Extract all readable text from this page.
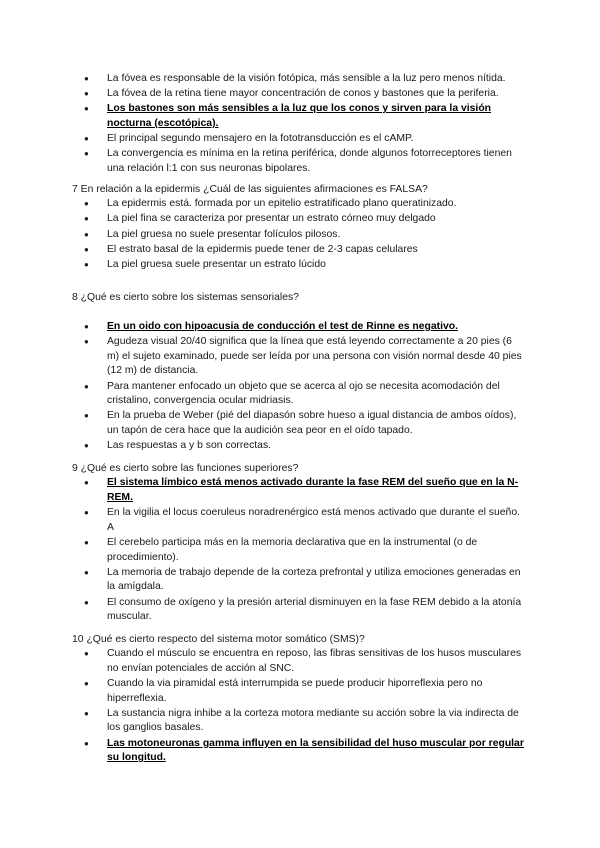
● La fóvea es responsable de la visión fotópica, más sensible a la luz pero menos nítida.
● La fóvea de la retina tiene mayor concentración de conos y bastones que la periferia.
● Los bastones son más sensibles a la luz que los conos y sirven para la visión nocturna (escotópica).
● El principal segundo mensajero en la fototransducción es el cAMP.
● La convergencia es mínima en la retina periférica, donde algunos fotorreceptores tienen una relación l:1 con sus neuronas bipolares.

7 En relación a la epidermis ¿Cuál de las siguientes afirmaciones es FALSA?

● La epidermis está. formada por un epitelio estratificado plano queratinizado.
● La piel fina se caracteriza por presentar un estrato córneo muy delgado
● La piel gruesa no suele presentar folículos pilosos.
● El estrato basal de la epidermis puede tener de 2-3 capas celulares
● La piel gruesa suele presentar un estrato lúcido

8 ¿Qué es cierto sobre los sistemas sensoriales?

● En un oido con hipoacusia de conducción el test de Rinne es negativo.
● Agudeza visual 20/40 significa que la línea que está leyendo correctamente a 20 pies (6 m) el sujeto examinado, puede ser leída por una persona con visión normal desde 40 pies (12 m) de distancia.
● Para mantener enfocado un objeto que se acerca al ojo se necesita acomodación del cristalino, convergencia ocular midriasis.
● En la prueba de Weber (pié del diapasón sobre hueso a igual distancia de ambos oídos), un tapón de cera hace que la audición sea peor en el oído tapado.
● Las respuestas a y b son correctas.

9 ¿Qué es cierto sobre las funciones superiores?

● El sistema límbico está menos activado durante la fase REM del sueño que en la N-REM.
● En la vigilia el locus coeruleus noradrenérgico está menos activado que durante el sueño. A
● El cerebelo participa más en la memoria declarativa que en la instrumental (o de procedimiento).
● La memoria de trabajo depende de la corteza prefrontal y utiliza emociones generadas en la amígdala.
● El consumo de oxígeno y la presión arterial disminuyen en la fase REM debido a la atonía muscular.

10 ¿Qué es cierto respecto del sistema motor somático (SMS)?

● Cuando el músculo se encuentra en reposo, las fibras sensitivas de los husos musculares no envían potenciales de acción al SNC.
● Cuando la via piramidal está interrumpida se puede producir hiporreflexia pero no hiperreflexia.
● La sustancia nigra inhibe a la corteza motora mediante su acción sobre la via indirecta de los ganglios basales.
● Las motoneuronas gamma influyen en la sensibilidad del huso muscular por regular su longitud.
